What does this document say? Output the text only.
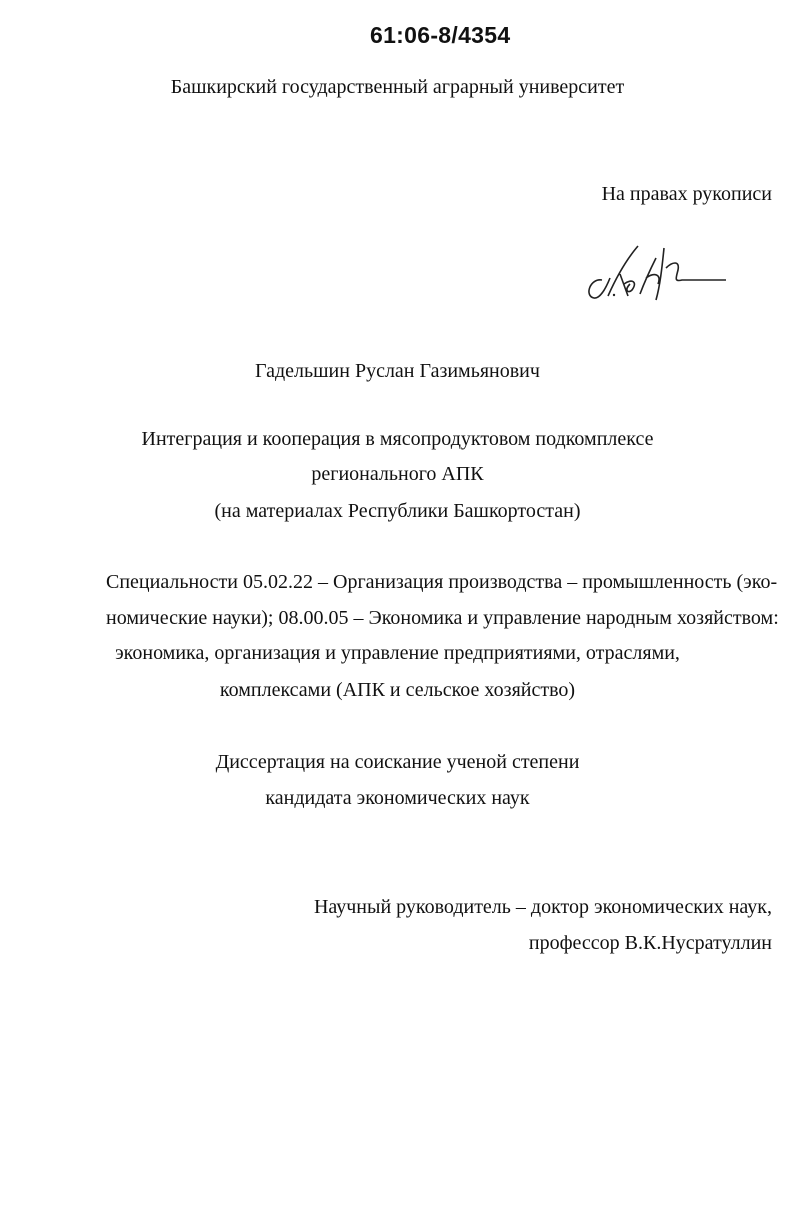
61:06-8/4354
Башкирский государственный аграрный университет
На правах рукописи
Гадельшин Руслан Газимьянович
Интеграция и кооперация в мясопродуктовом подкомплексе
регионального АПК
(на материалах Республики Башкортостан)
Специальности 05.02.22 – Организация производства – промышленность (эко-
номические науки); 08.00.05 – Экономика и управление народным хозяйством:
экономика, организация и управление предприятиями, отраслями,
комплексами (АПК и сельское хозяйство)
Диссертация на соискание ученой степени
кандидата экономических наук
Научный руководитель – доктор экономических наук,
профессор В.К.Нусратуллин
